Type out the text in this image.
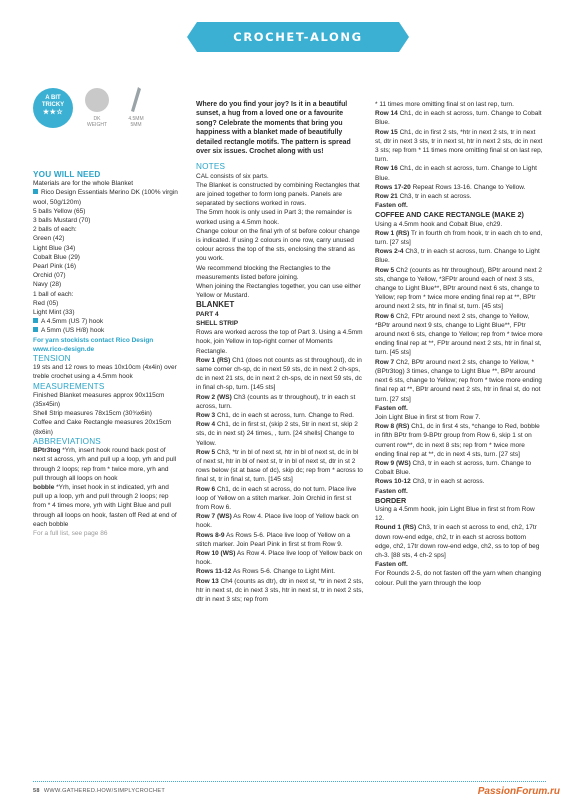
CROCHET-ALONG
A BIT
TRICKY
★★☆
DK
WEIGHT
4.5MM
5MM

YOU WILL NEED

Materials are for the whole Blanket

Rico Design Essentials Merino DK (100% virgin wool, 50g/120m)

5 balls Yellow (65)

3 balls Mustard (70)

2 balls of each:

Green (42)

Light Blue (34)

Cobalt Blue (29)

Pearl Pink (16)

Orchid (07)

Navy (28)

1 ball of each:

Red (05)

Light Mint (33)

A 4.5mm (US 7) hook

A 5mm (US H/8) hook

For yarn stockists contact Rico Design www.rico-design.de

TENSION

19 sts and 12 rows to meas 10x10cm (4x4in) over treble crochet using a 4.5mm hook

MEASUREMENTS

Finished Blanket measures approx 90x115cm (35x45in)

Shell Strip measures 78x15cm (30¾x6in)

Coffee and Cake Rectangle measures 20x15cm (8x6in)

ABBREVIATIONS

BPtr3tog *Yrh, insert hook round back post of next st across, yrh and pull up a loop, yrh and pull through 2 loops; rep from * twice more, yrh and pull through all loops on hook

bobble *Yrh, inset hook in st indicated, yrh and pull up a loop, yrh and pull through 2 loops; rep from * 4 times more, yrh with Light Blue and pull through all loops on hook, fasten off Red at end of each bobble

For a full list, see page 86

Where do you find your joy? Is it in a beautiful sunset, a hug from a loved one or a favourite song? Celebrate the moments that bring you happiness with a blanket made of beautifully detailed rectangle motifs. The pattern is spread over six issues. Crochet along with us!

NOTES

CAL consists of six parts.

The Blanket is constructed by combining Rectangles that are joined together to form long panels. Panels are separated by sections worked in rows.

The 5mm hook is only used in Part 3; the remainder is worked using a 4.5mm hook.

Change colour on the final yrh of st before colour change is indicated. If using 2 colours in one row, carry unused colour across the top of the sts, enclosing the strand as you work.

We recommend blocking the Rectangles to the measurements listed before joining.

When joining the Rectangles together, you can use either Yellow or Mustard.

BLANKET

PART 4

SHELL STRIP

Rows are worked across the top of Part 3. Using a 4.5mm hook, join Yellow in top-right corner of Moments Rectangle.

Row 1 (RS) Ch1 (does not counts as st throughout), dc in same corner ch-sp, dc in next 59 sts, dc in next 2 ch-sps, dc in next 21 sts, dc in next 2 ch-sps, dc in next 59 sts, dc in final ch-sp, turn. [145 sts]

Row 2 (WS) Ch3 (counts as tr throughout), tr in each st across, turn.

Row 3 Ch1, dc in each st across, turn. Change to Red.

Row 4 Ch1, dc in first st, (skip 2 sts, 5tr in next st, skip 2 sts, dc in next st) 24 times, , turn. [24 shells] Change to Yellow.

Row 5 Ch3, *tr in bl of next st, htr in bl of next st, dc in bl of next st, htr in bl of next st, tr in bl of next st, dtr in st 2 rows below (st at base of dc), skip dc; rep from * across to final st, tr in final st, turn. [145 sts]

Row 6 Ch1, dc in each st across, do not turn. Place live loop of Yellow on a stitch marker. Join Orchid in first st from Row 6.

Row 7 (WS) As Row 4. Place live loop of Yellow back on hook.

Rows 8-9 As Rows 5-6. Place live loop of Yellow on a stitch marker. Join Pearl Pink in first st from Row 9.

Row 10 (WS) As Row 4. Place live loop of Yellow back on hook.

Rows 11-12 As Rows 5-6. Change to Light Mint.

Row 13 Ch4 (counts as dtr), dtr in next st, *tr in next 2 sts, htr in next st, dc in next 3 sts, htr in next st, tr in next 2 sts, dtr in next 3 sts; rep from

* 11 times more omitting final st on last rep, turn.

Row 14 Ch1, dc in each st across, turn. Change to Cobalt Blue.

Row 15 Ch1, dc in first 2 sts, *htr in next 2 sts, tr in next st, dtr in next 3 sts, tr in next st, htr in next 2 sts, dc in next 3 sts; rep from * 11 times more omitting final st on last rep, turn.

Row 16 Ch1, dc in each st across, turn. Change to Light Blue.

Rows 17-20 Repeat Rows 13-16. Change to Yellow.

Row 21 Ch3, tr in each st across.

Fasten off.

COFFEE AND CAKE RECTANGLE (MAKE 2)

Using a 4.5mm hook and Cobalt Blue, ch29.

Row 1 (RS) Tr in fourth ch from hook, tr in each ch to end, turn. [27 sts]

Rows 2-4 Ch3, tr in each st across, turn. Change to Light Blue.

Row 5 Ch2 (counts as htr throughout), BPtr around next 2 sts, change to Yellow, *3FPtr around each of next 3 sts, change to Light Blue**, BPtr around next 6 sts, change to Yellow; rep from * twice more ending final rep at **, BPtr around next 2 sts, htr in final st, turn. [45 sts]

Row 6 Ch2, FPtr around next 2 sts, change to Yellow, *BPtr around next 9 sts, change to Light Blue**, FPtr around next 6 sts, change to Yellow; rep from * twice more ending final rep at **, FPtr around next 2 sts, htr in final st, turn. [45 sts]

Row 7 Ch2, BPtr around next 2 sts, change to Yellow, *(BPtr3tog) 3 times, change to Light Blue **, BPtr around next 6 sts, change to Yellow; rep from * twice more ending final rep at **, BPtr around next 2 sts, htr in final st, do not turn. [27 sts]

Fasten off.

Join Light Blue in first st from Row 7.

Row 8 (RS) Ch1, dc in first 4 sts, *change to Red, bobble in fifth BPtr from 9-BPtr group from Row 6, skip 1 st on current row**, dc in next 8 sts; rep from * twice more ending final rep at **, dc in next 4 sts, turn. [27 sts]

Row 9 (WS) Ch3, tr in each st across, turn. Change to Cobalt Blue.

Rows 10-12 Ch3, tr in each st across.

Fasten off.

BORDER

Using a 4.5mm hook, join Light Blue in first st from Row 12.

Round 1 (RS) Ch3, tr in each st across to end, ch2, 17tr down row-end edge, ch2, tr in each st across bottom edge, ch2, 17tr down row-end edge, ch2, ss to top of beg ch-3. [88 sts, 4 ch-2 sps]

Fasten off.

For Rounds 2-5, do not fasten off the yarn when changing colour. Pull the yarn through the loop

58 WWW.GATHERED.HOW/SIMPLYCROCHET	PassionForum.ru
